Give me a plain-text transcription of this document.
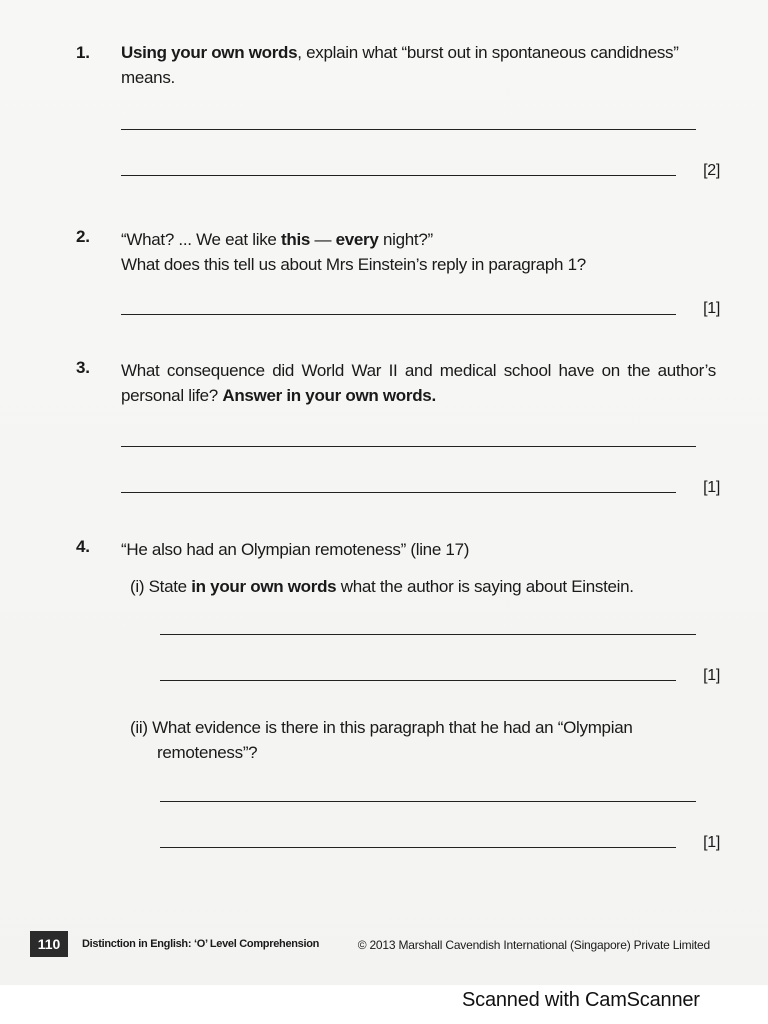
1. Using your own words, explain what “burst out in spontaneous candidness” means.
[2]
2. “What? ... We eat like this — every night?”
What does this tell us about Mrs Einstein’s reply in paragraph 1?
[1]
3. What consequence did World War II and medical school have on the author’s personal life? Answer in your own words.
[1]
4. “He also had an Olympian remoteness” (line 17)
(i) State in your own words what the author is saying about Einstein.
[1]
(ii) What evidence is there in this paragraph that he had an “Olympian
remoteness”?
[1]
110	Distinction in English: ‘O’ Level Comprehension	© 2013 Marshall Cavendish International (Singapore) Private Limited
Scanned with CamScanner
